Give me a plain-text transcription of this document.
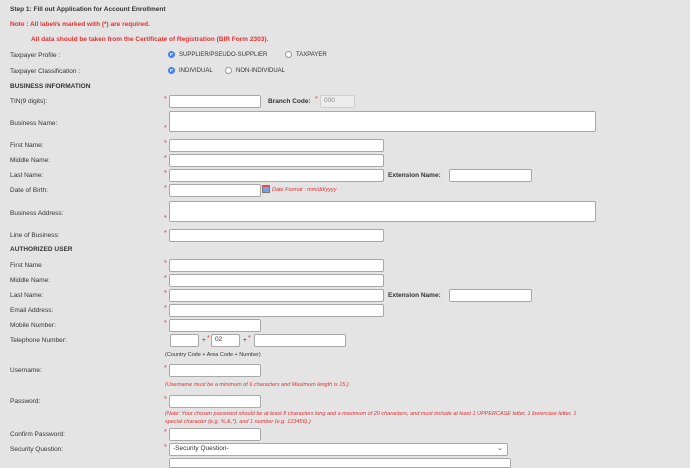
Step 1: Fill out Application for Account Enrollment
Note : All label/s marked with (*) are required.
All data should be taken from the Certificate of Registration (BIR Form 2303).
Taxpayer Profile :	SUPPLIER/PSEUDO-SUPPLIER	TAXPAYER
Taxpayer Classification :	INDIVIDUAL	NON-INDIVIDUAL
BUSINESS INFORMATION
TIN(9 digits):	*	Branch Code: * 000
Business Name:
*
First Name:	*
Middle Name:	*
Last Name:	*	Extension Name:
Date of Birth:	*	Date Format : mm/dd/yyyy
Business Address:
*
Line of Business:	*
AUTHORIZED USER
First Name	*
Middle Name:	*
Last Name:	*	Extension Name:
Email Address:	*
Mobile Number:	*
Telephone Number:	+ * 02	+ *
(Country Code + Area Code + Number)
Username:	*
(Username must be a minimum of 6 characters and Maximum length is 15.)
Password:	*
(Note: Your chosen password should be at least 8 characters long and a maximum of 20 characters, and must include at least 1 UPPERCASE letter, 1 lowercase letter, 1
special character (e.g. %,&,*), and 1 number (e.g. 123456).)
Confirm Password:	*
Security Question:	* -Security Question-	⌄
